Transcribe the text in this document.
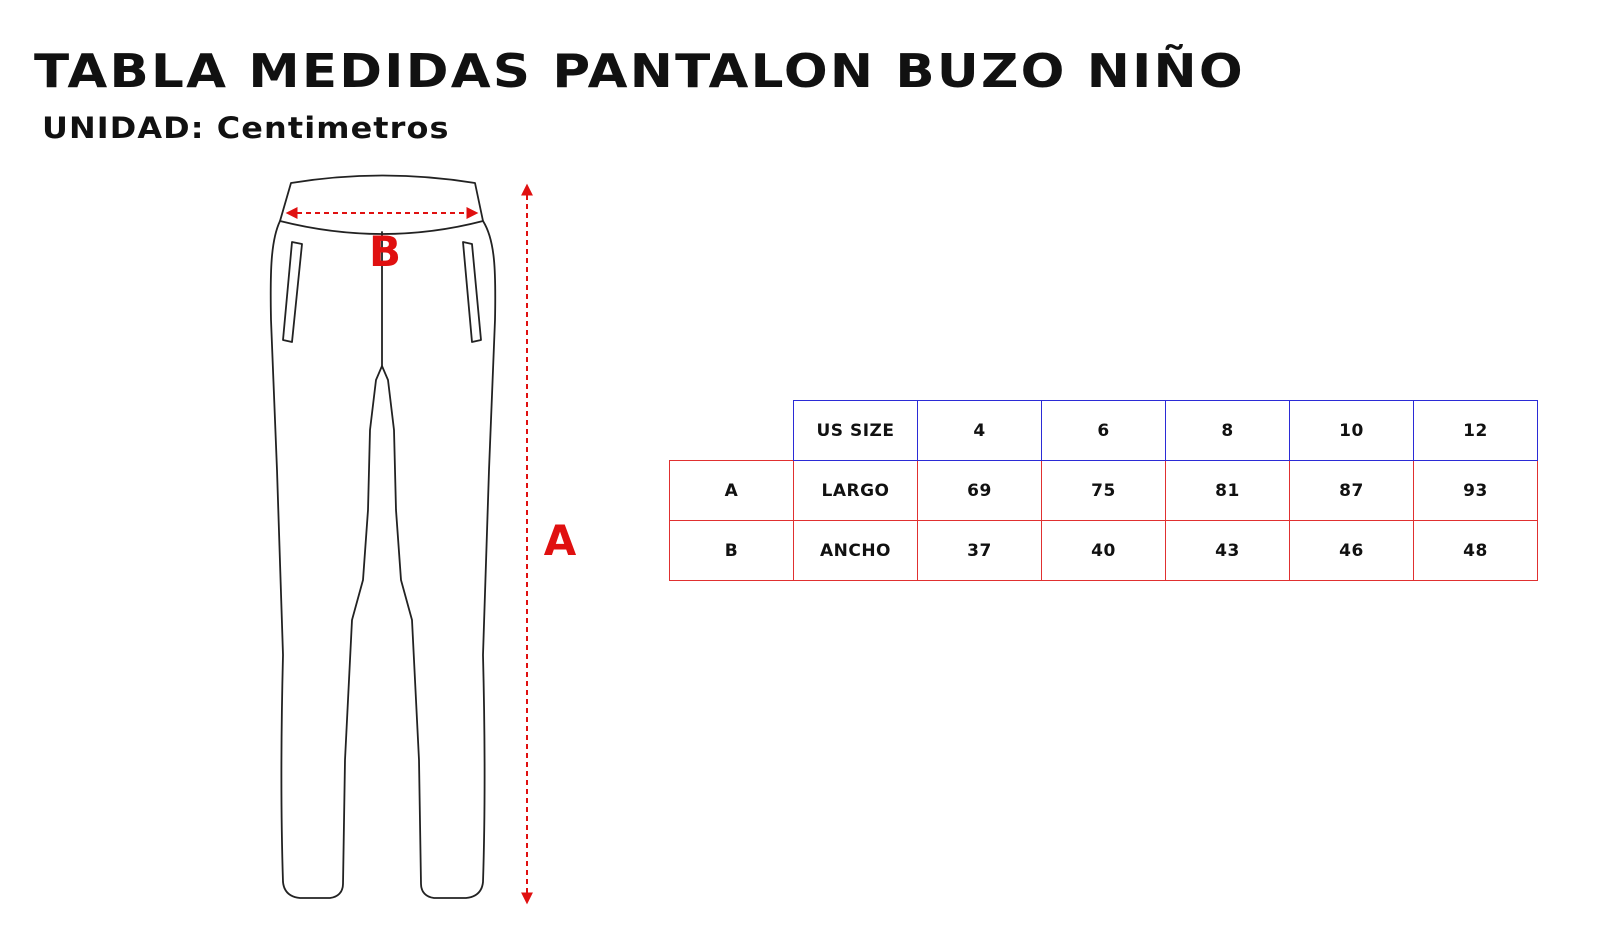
TABLA MEDIDAS PANTALON BUZO NIÑO
UNIDAD: Centimetros
B
A
	US SIZE	4	6	8	10	12
A	LARGO	69	75	81	87	93
B	ANCHO	37	40	43	46	48
